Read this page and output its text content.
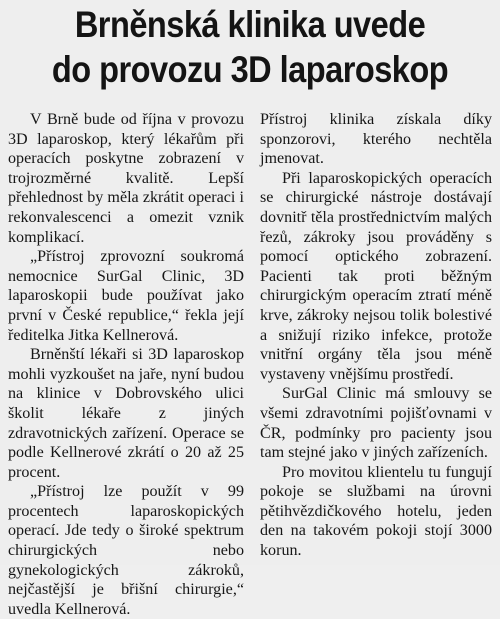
Brněnská klinika uvede
do provozu 3D laparoskop

V Brně bude od října v provozu 3D laparoskop, který lékařům při operacích poskytne zobrazení v trojrozměrné kvalitě. Lepší přehlednost by měla zkrátit operaci i rekonvalescenci a omezit vznik komplikací.

„Přístroj zprovozní soukromá nemocnice SurGal Clinic, 3D laparoskopii bude používat jako první v České republice,“ řekla její ředitelka Jitka Kellnerová.

Brněnští lékaři si 3D laparoskop mohli vyzkoušet na jaře, nyní budou na klinice v Dobrovského ulici školit lékaře z jiných zdravotnických zařízení. Operace se podle Kellnerové zkrátí o 20 až 25 procent.

„Přístroj lze použít v 99 procentech laparoskopických operací. Jde tedy o široké spektrum chirurgických nebo gynekologických zákroků, nejčastější je břišní chirurgie,“ uvedla Kellnerová.

Přístroj klinika získala díky sponzorovi, kterého nechtěla jmenovat.

Při laparoskopických operacích se chirurgické nástroje dostávají dovnitř těla prostřednictvím malých řezů, zákroky jsou prováděny s pomocí optického zobrazení. Pacienti tak proti běžným chirurgickým operacím ztratí méně krve, zákroky nejsou tolik bolestivé a snižují riziko infekce, protože vnitřní orgány těla jsou méně vystaveny vnějšímu prostředí.

SurGal Clinic má smlouvy se všemi zdravotními pojišťovnami v ČR, podmínky pro pacienty jsou tam stejné jako v jiných zařízeních.

Pro movitou klientelu tu fungují pokoje se službami na úrovni pětihvězdičkového hotelu, jeden den na takovém pokoji stojí 3000 korun.
